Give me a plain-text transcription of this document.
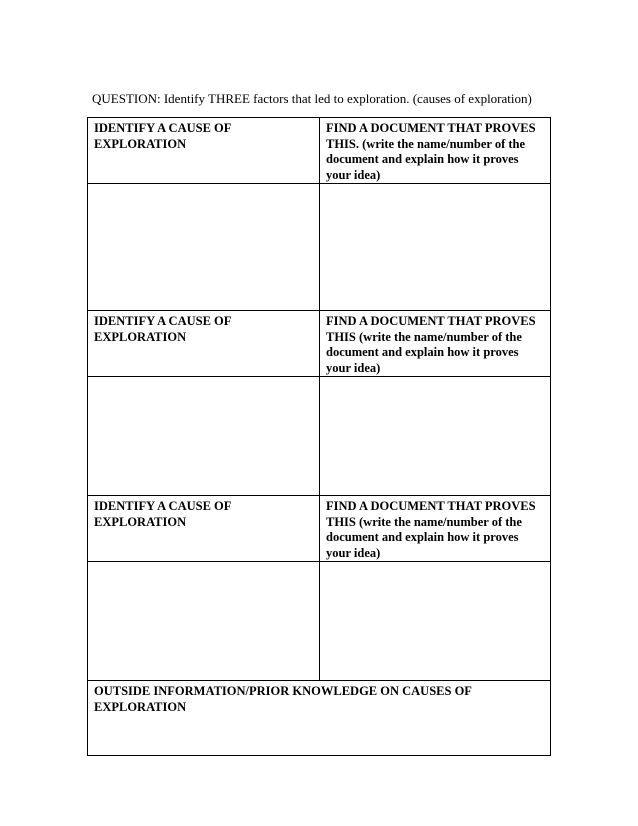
QUESTION: Identify THREE factors that led to exploration. (causes of exploration)
IDENTIFY A CAUSE OF EXPLORATION	FIND A DOCUMENT THAT PROVES THIS. (write the name/number of the document and explain how it proves your idea)

IDENTIFY A CAUSE OF EXPLORATION	FIND A DOCUMENT THAT PROVES THIS (write the name/number of the document and explain how it proves your idea)

IDENTIFY A CAUSE OF EXPLORATION	FIND A DOCUMENT THAT PROVES THIS (write the name/number of the document and explain how it proves your idea)

OUTSIDE INFORMATION/PRIOR KNOWLEDGE ON CAUSES OF EXPLORATION	
